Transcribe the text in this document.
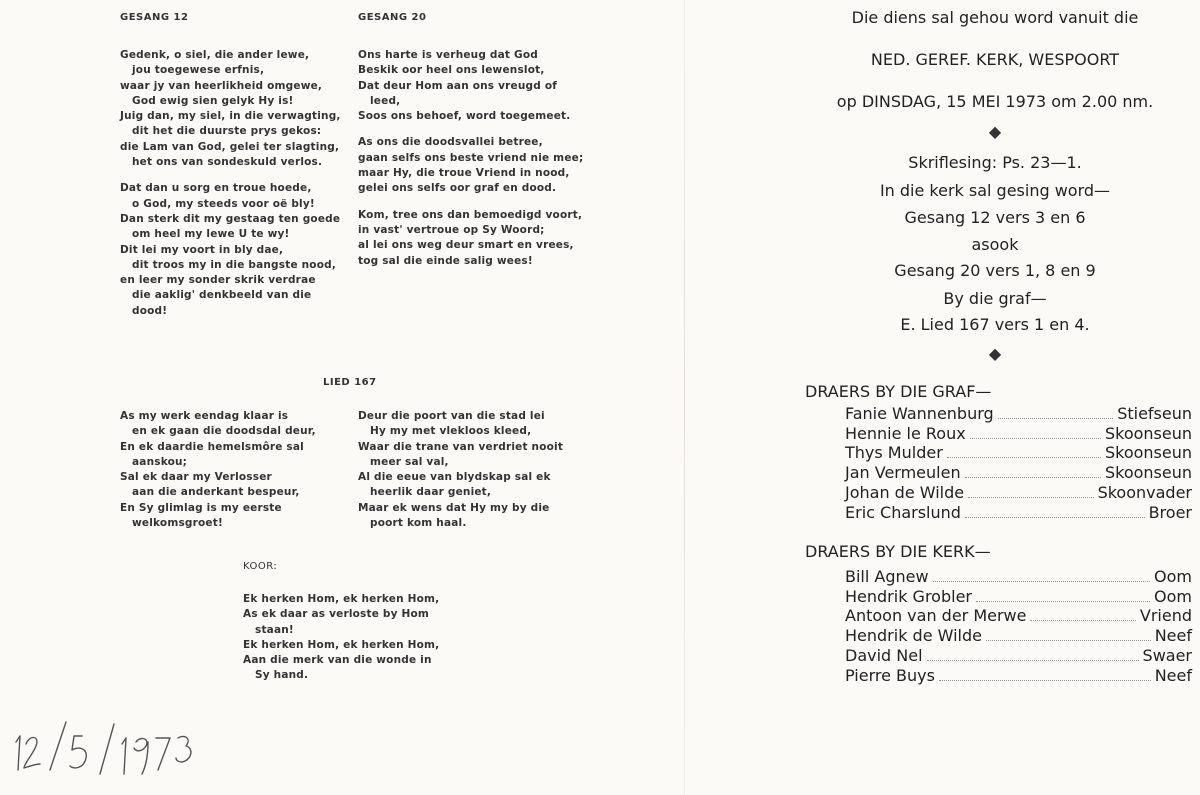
GESANG 12
Gedenk, o siel, die ander lewe,
jou toegewese erfnis,
waar jy van heerlikheid omgewe,
God ewig sien gelyk Hy is!
Juig dan, my siel, in die verwagting,
dit het die duurste prys gekos:
die Lam van God, gelei ter slagting,
het ons van sondeskuld verlos.
Dat dan u sorg en troue hoede,
o God, my steeds voor oë bly!
Dan sterk dit my gestaag ten goede
om heel my lewe U te wy!
Dit lei my voort in bly dae,
dit troos my in die bangste nood,
en leer my sonder skrik verdrae
die aaklig' denkbeeld van die
dood!
GESANG 20
Ons harte is verheug dat God
Beskik oor heel ons lewenslot,
Dat deur Hom aan ons vreugd of
leed,
Soos ons behoef, word toegemeet.
As ons die doodsvallei betree,
gaan selfs ons beste vriend nie mee;
maar Hy, die troue Vriend in nood,
gelei ons selfs oor graf en dood.
Kom, tree ons dan bemoedigd voort,
in vast' vertroue op Sy Woord;
al lei ons weg deur smart en vrees,
tog sal die einde salig wees!
LIED 167
As my werk eendag klaar is
en ek gaan die doodsdal deur,
En ek daardie hemelsmôre sal
aanskou;
Sal ek daar my Verlosser
aan die anderkant bespeur,
En Sy glimlag is my eerste
welkomsgroet!
Deur die poort van die stad lei
Hy my met vlekloos kleed,
Waar die trane van verdriet nooit
meer sal val,
Al die eeue van blydskap sal ek
heerlik daar geniet,
Maar ek wens dat Hy my by die
poort kom haal.
KOOR:
Ek herken Hom, ek herken Hom,
As ek daar as verloste by Hom
staan!
Ek herken Hom, ek herken Hom,
Aan die merk van die wonde in
Sy hand.
Die diens sal gehou word vanuit die
NED. GEREF. KERK, WESPOORT
op DINSDAG, 15 MEI 1973 om 2.00 nm.
◆
Skriflesing: Ps. 23—1.
In die kerk sal gesing word—
Gesang 12 vers 3 en 6
asook
Gesang 20 vers 1, 8 en 9
By die graf—
E. Lied 167 vers 1 en 4.
◆
DRAERS BY DIE GRAF—
Fanie Wannenburg	Stiefseun
Hennie le Roux	Skoonseun
Thys Mulder	Skoonseun
Jan Vermeulen	Skoonseun
Johan de Wilde	Skoonvader
Eric Charslund	Broer
DRAERS BY DIE KERK—
Bill Agnew	Oom
Hendrik Grobler	Oom
Antoon van der Merwe	Vriend
Hendrik de Wilde	Neef
David Nel	Swaer
Pierre Buys	Neef
